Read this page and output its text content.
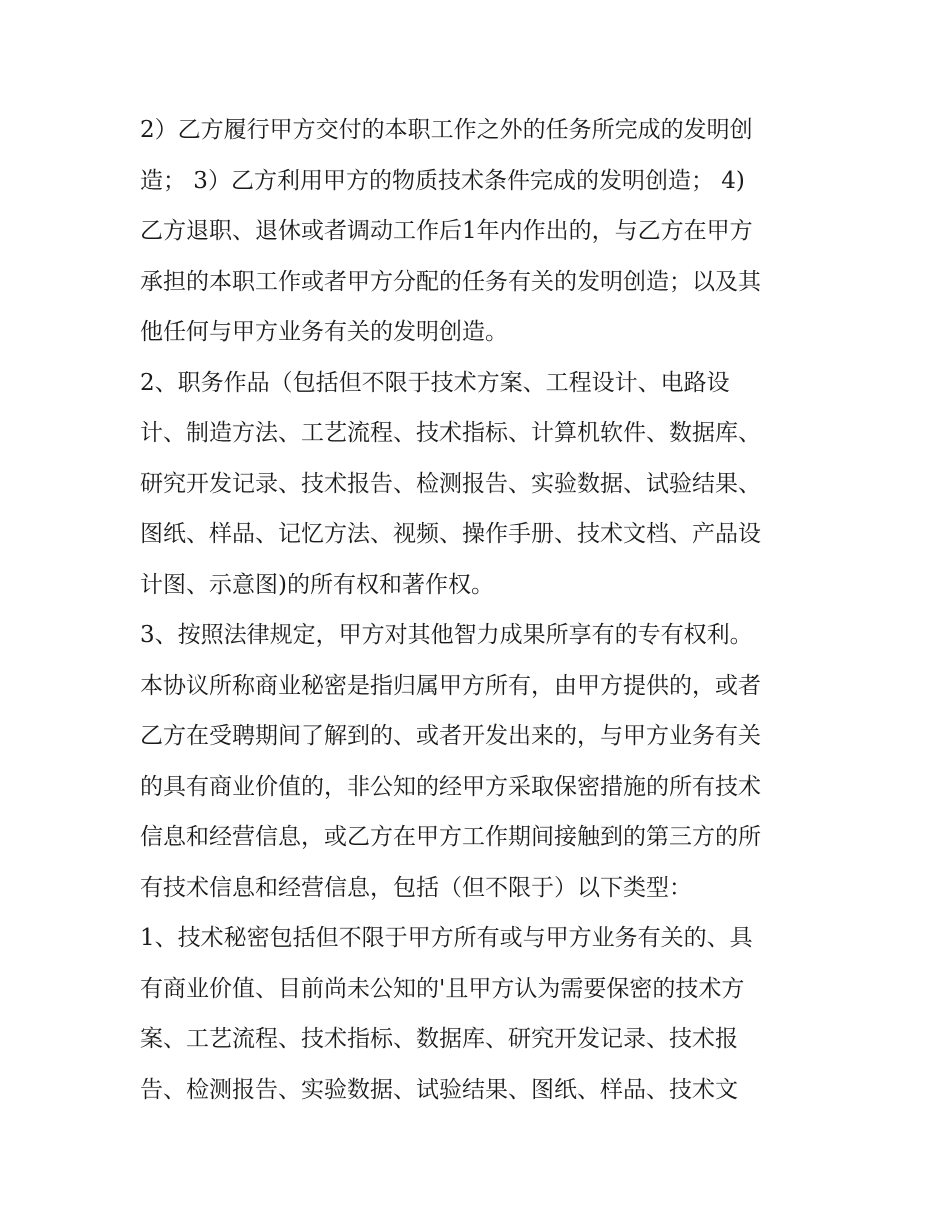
2）乙方履行甲方交付的本职工作之外的任务所完成的发明创
造； 3）乙方利用甲方的物质技术条件完成的发明创造； 4)
乙方退职、退休或者调动工作后1年内作出的，与乙方在甲方
承担的本职工作或者甲方分配的任务有关的发明创造；以及其
他任何与甲方业务有关的发明创造。
2、职务作品（包括但不限于技术方案、工程设计、电路设
计、制造方法、工艺流程、技术指标、计算机软件、数据库、
研究开发记录、技术报告、检测报告、实验数据、试验结果、
图纸、样品、记忆方法、视频、操作手册、技术文档、产品设
计图、示意图)的所有权和著作权。
3、按照法律规定，甲方对其他智力成果所享有的专有权利。
本协议所称商业秘密是指归属甲方所有，由甲方提供的，或者
乙方在受聘期间了解到的、或者开发出来的，与甲方业务有关
的具有商业价值的，非公知的经甲方采取保密措施的所有技术
信息和经营信息，或乙方在甲方工作期间接触到的第三方的所
有技术信息和经营信息，包括（但不限于）以下类型：
1、技术秘密包括但不限于甲方所有或与甲方业务有关的、具
有商业价值、目前尚未公知的'且甲方认为需要保密的技术方
案、工艺流程、技术指标、数据库、研究开发记录、技术报
告、检测报告、实验数据、试验结果、图纸、样品、技术文
